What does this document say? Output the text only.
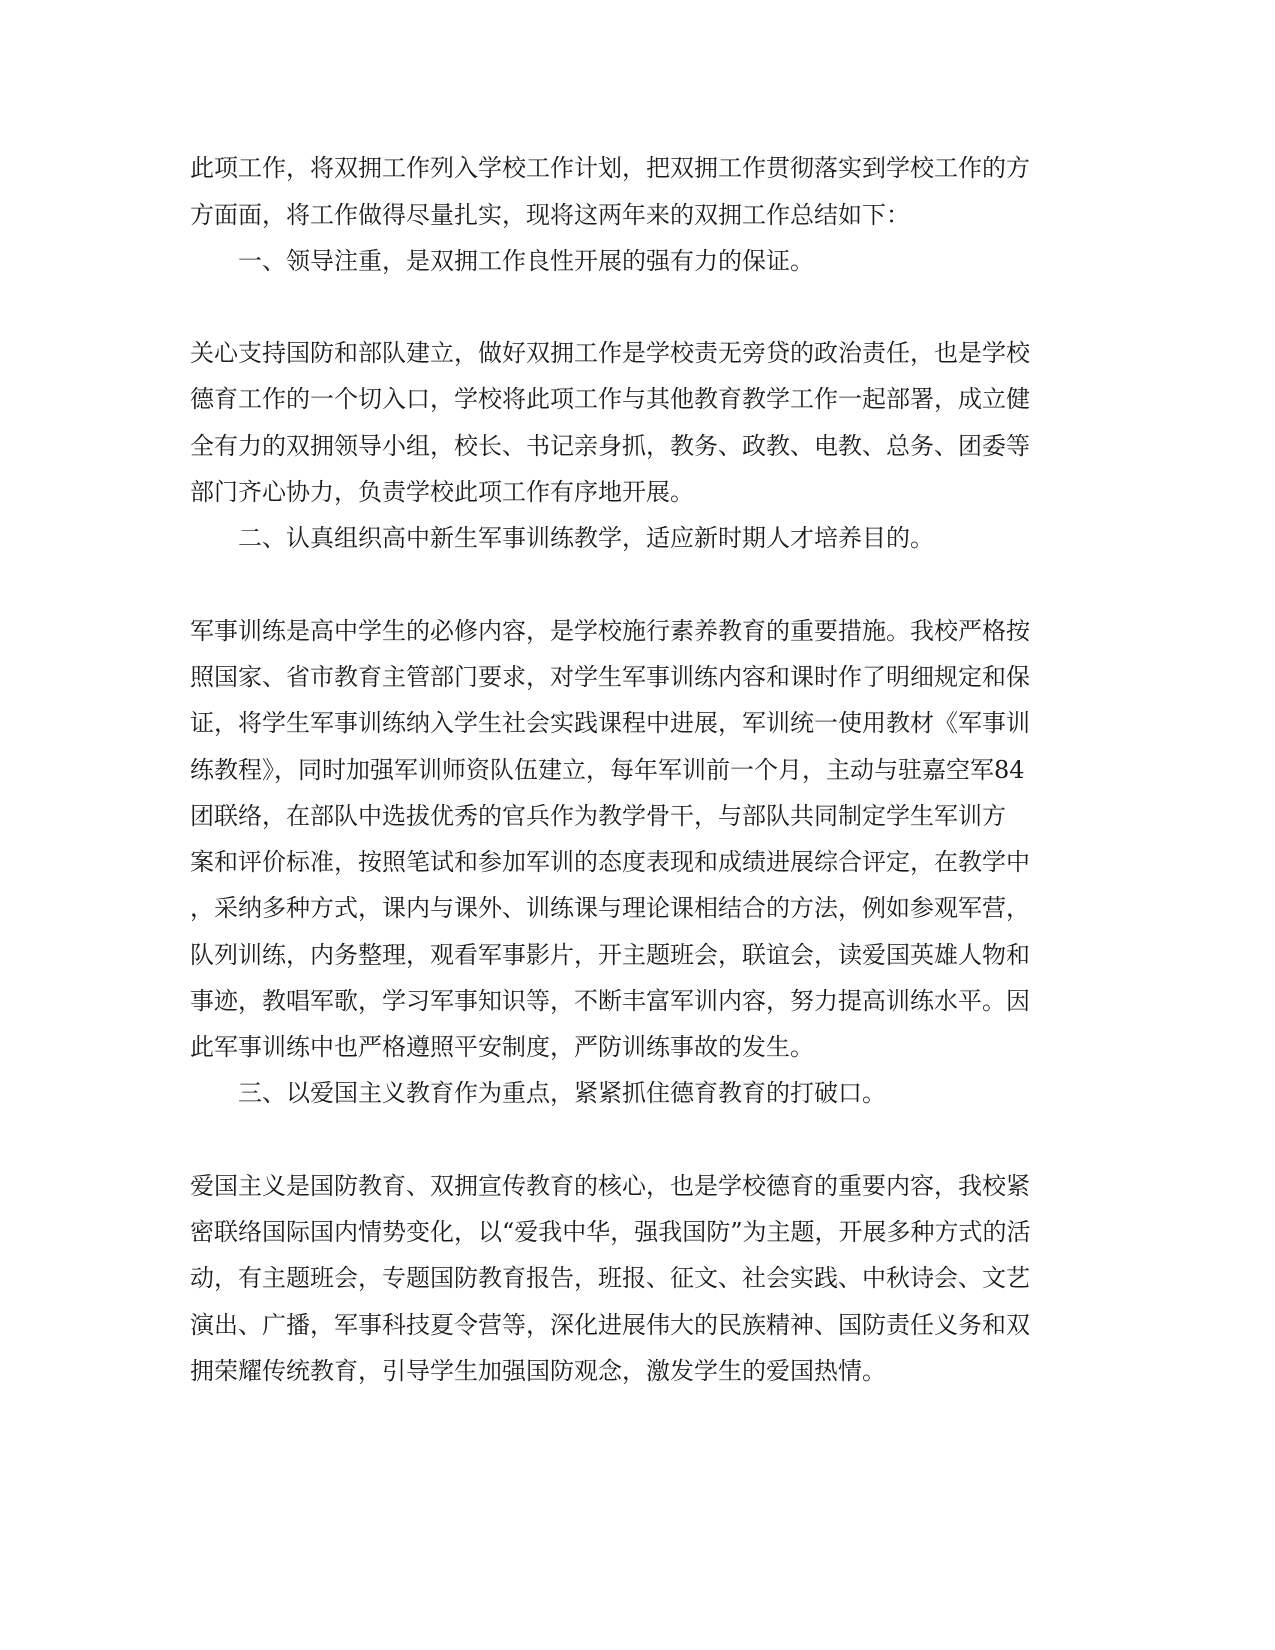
此项工作，将双拥工作列入学校工作计划，把双拥工作贯彻落实到学校工作的方

方面面，将工作做得尽量扎实，现将这两年来的双拥工作总结如下：

一、领导注重，是双拥工作良性开展的强有力的保证。

关心支持国防和部队建立，做好双拥工作是学校责无旁贷的政治责任，也是学校

德育工作的一个切入口，学校将此项工作与其他教育教学工作一起部署，成立健

全有力的双拥领导小组，校长、书记亲身抓，教务、政教、电教、总务、团委等

部门齐心协力，负责学校此项工作有序地开展。

二、认真组织高中新生军事训练教学，适应新时期人才培养目的。

军事训练是高中学生的必修内容，是学校施行素养教育的重要措施。我校严格按

照国家、省市教育主管部门要求，对学生军事训练内容和课时作了明细规定和保

证，将学生军事训练纳入学生社会实践课程中进展，军训统一使用教材《军事训

练教程》，同时加强军训师资队伍建立，每年军训前一个月，主动与驻嘉空军84

团联络，在部队中选拔优秀的官兵作为教学骨干，与部队共同制定学生军训方

案和评价标准，按照笔试和参加军训的态度表现和成绩进展综合评定，在教学中

，采纳多种方式，课内与课外、训练课与理论课相结合的方法，例如参观军营，

队列训练，内务整理，观看军事影片，开主题班会，联谊会，读爱国英雄人物和

事迹，教唱军歌，学习军事知识等，不断丰富军训内容，努力提高训练水平。因

此军事训练中也严格遵照平安制度，严防训练事故的发生。

三、以爱国主义教育作为重点，紧紧抓住德育教育的打破口。

爱国主义是国防教育、双拥宣传教育的核心，也是学校德育的重要内容，我校紧

密联络国际国内情势变化，以“爱我中华，强我国防”为主题，开展多种方式的活

动，有主题班会，专题国防教育报告，班报、征文、社会实践、中秋诗会、文艺

演出、广播，军事科技夏令营等，深化进展伟大的民族精神、国防责任义务和双

拥荣耀传统教育，引导学生加强国防观念，激发学生的爱国热情。
